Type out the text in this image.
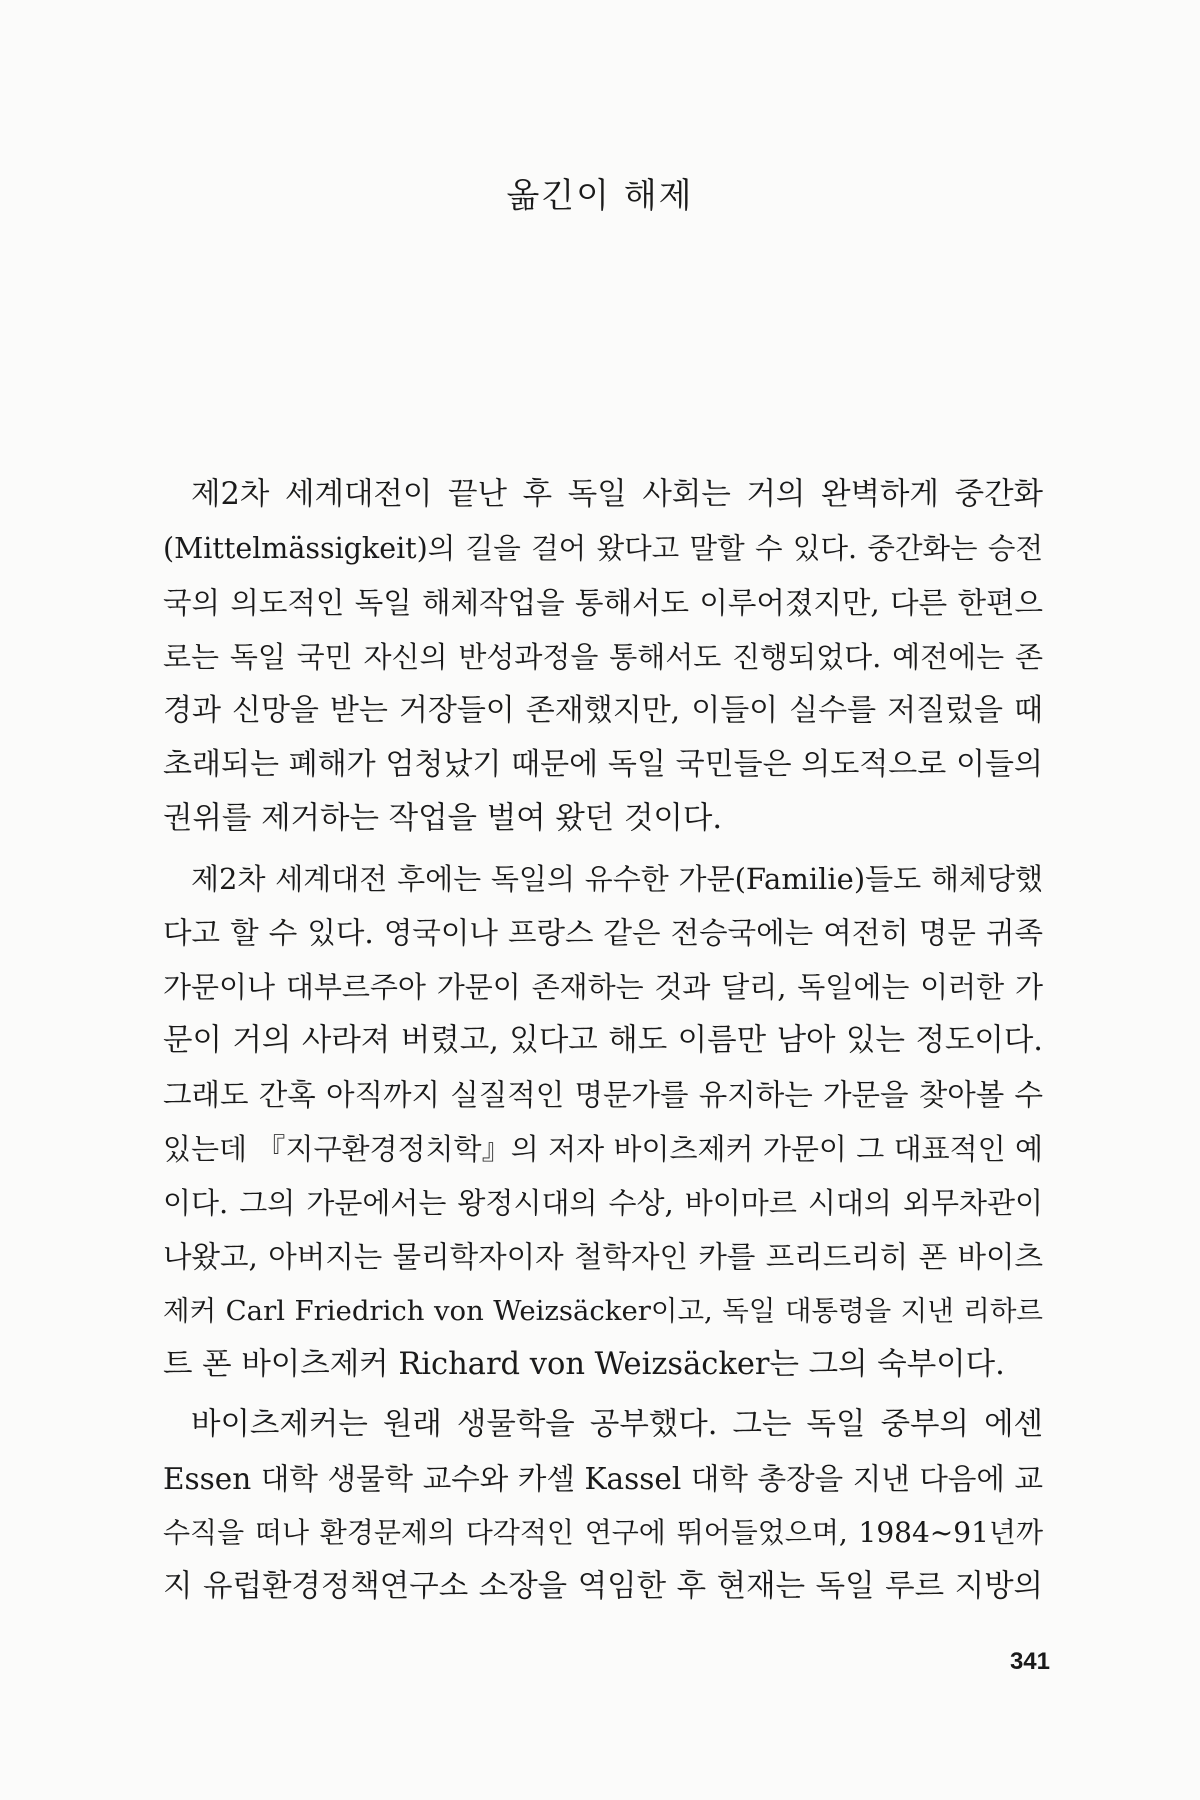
옮긴이 해제
제2차 세계대전이 끝난 후 독일 사회는 거의 완벽하게 중간화
(Mittelmässigkeit)의 길을 걸어 왔다고 말할 수 있다. 중간화는 승전
국의 의도적인 독일 해체작업을 통해서도 이루어졌지만, 다른 한편으
로는 독일 국민 자신의 반성과정을 통해서도 진행되었다. 예전에는 존
경과 신망을 받는 거장들이 존재했지만, 이들이 실수를 저질렀을 때
초래되는 폐해가 엄청났기 때문에 독일 국민들은 의도적으로 이들의
권위를 제거하는 작업을 벌여 왔던 것이다.
제2차 세계대전 후에는 독일의 유수한 가문(Familie)들도 해체당했
다고 할 수 있다. 영국이나 프랑스 같은 전승국에는 여전히 명문 귀족
가문이나 대부르주아 가문이 존재하는 것과 달리, 독일에는 이러한 가
문이 거의 사라져 버렸고, 있다고 해도 이름만 남아 있는 정도이다.
그래도 간혹 아직까지 실질적인 명문가를 유지하는 가문을 찾아볼 수
있는데 『지구환경정치학』의 저자 바이츠제커 가문이 그 대표적인 예
이다. 그의 가문에서는 왕정시대의 수상, 바이마르 시대의 외무차관이
나왔고, 아버지는 물리학자이자 철학자인 카를 프리드리히 폰 바이츠
제커 Carl Friedrich von Weizsäcker이고, 독일 대통령을 지낸 리하르
트 폰 바이츠제커 Richard von Weizsäcker는 그의 숙부이다.
바이츠제커는 원래 생물학을 공부했다. 그는 독일 중부의 에센
Essen 대학 생물학 교수와 카셀 Kassel 대학 총장을 지낸 다음에 교
수직을 떠나 환경문제의 다각적인 연구에 뛰어들었으며, 1984~91년까
지 유럽환경정책연구소 소장을 역임한 후 현재는 독일 루르 지방의
341
